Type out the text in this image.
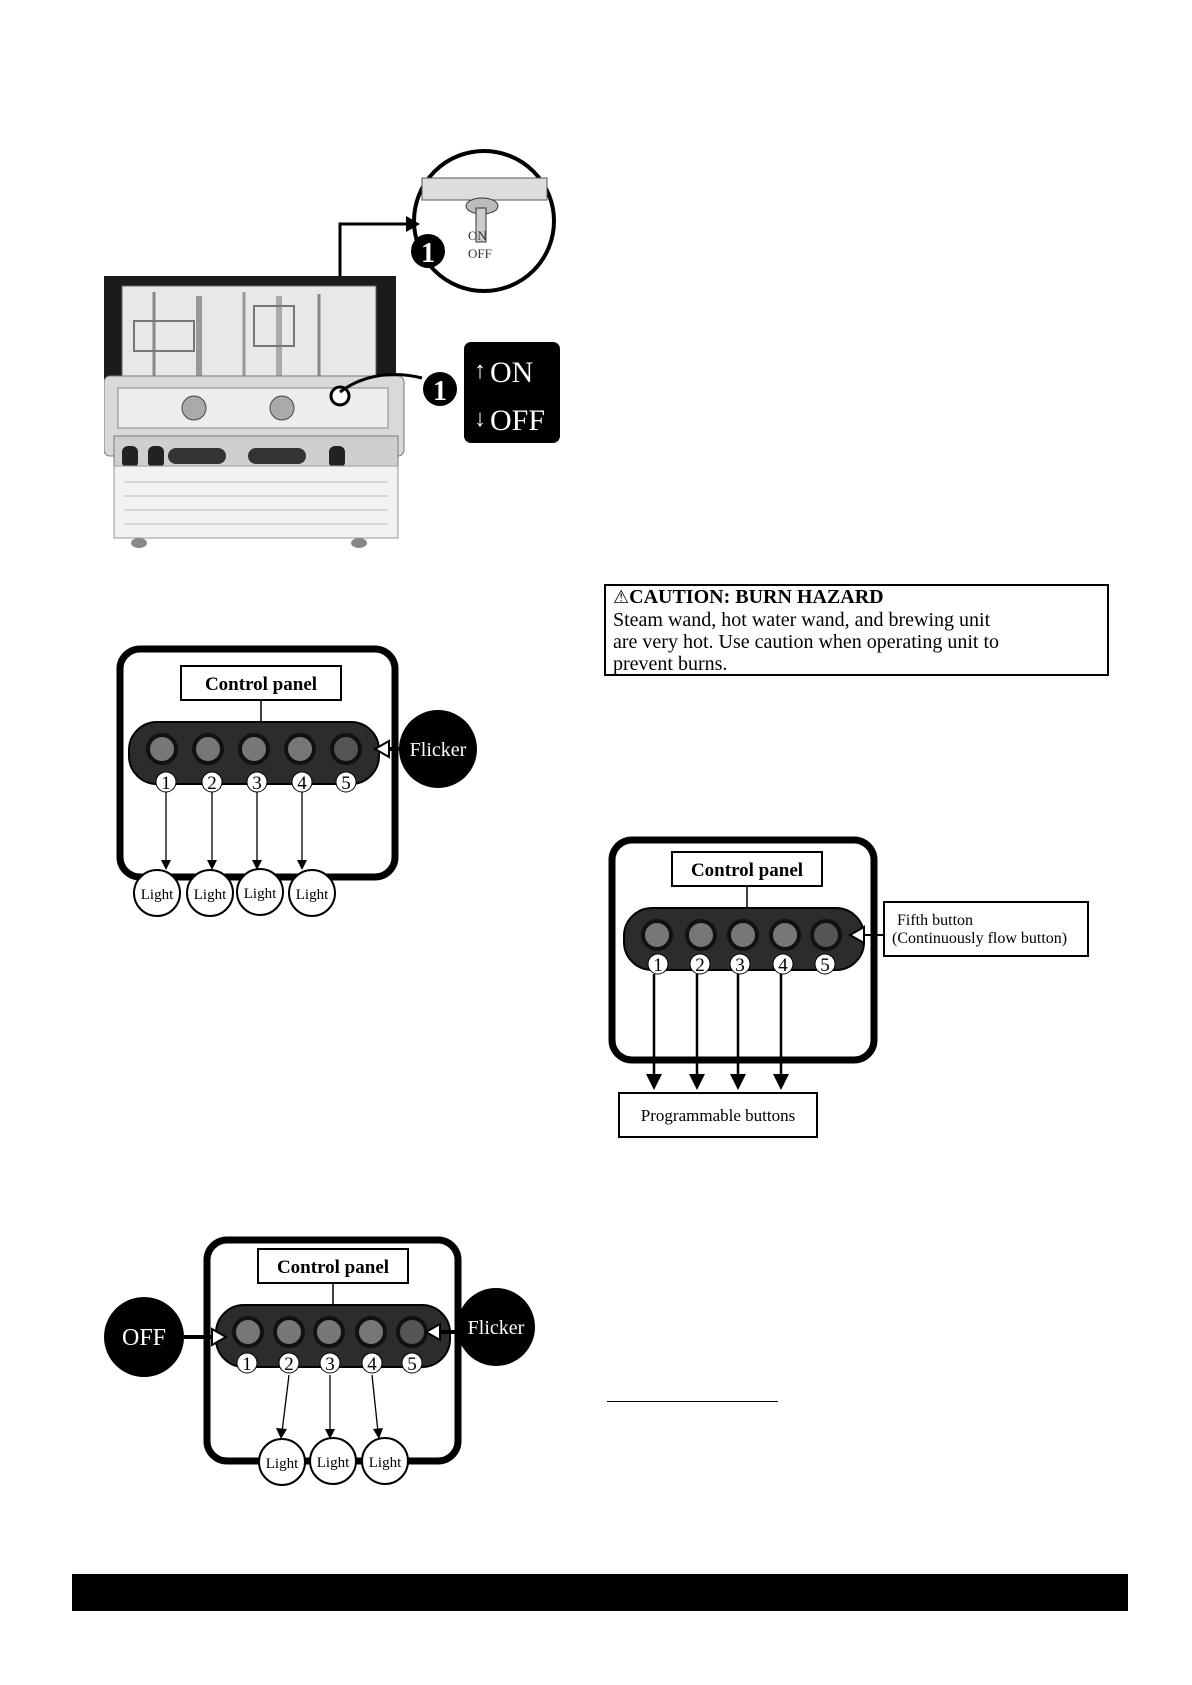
ON
OFF
1
1
↑ ON
↓ OFF
Control panel
Flicker
1 2 3 4 5
Light Light Light Light
⚠CAUTION: BURN HAZARD
Steam wand, hot water wand, and brewing unit
are very hot. Use caution when operating unit to
prevent burns.
Control panel
Fifth button
(Continuously flow button)
1 2 3 4 5
Programmable buttons
Control panel
OFF	Flicker
1 2 3 4 5
Light Light Light
